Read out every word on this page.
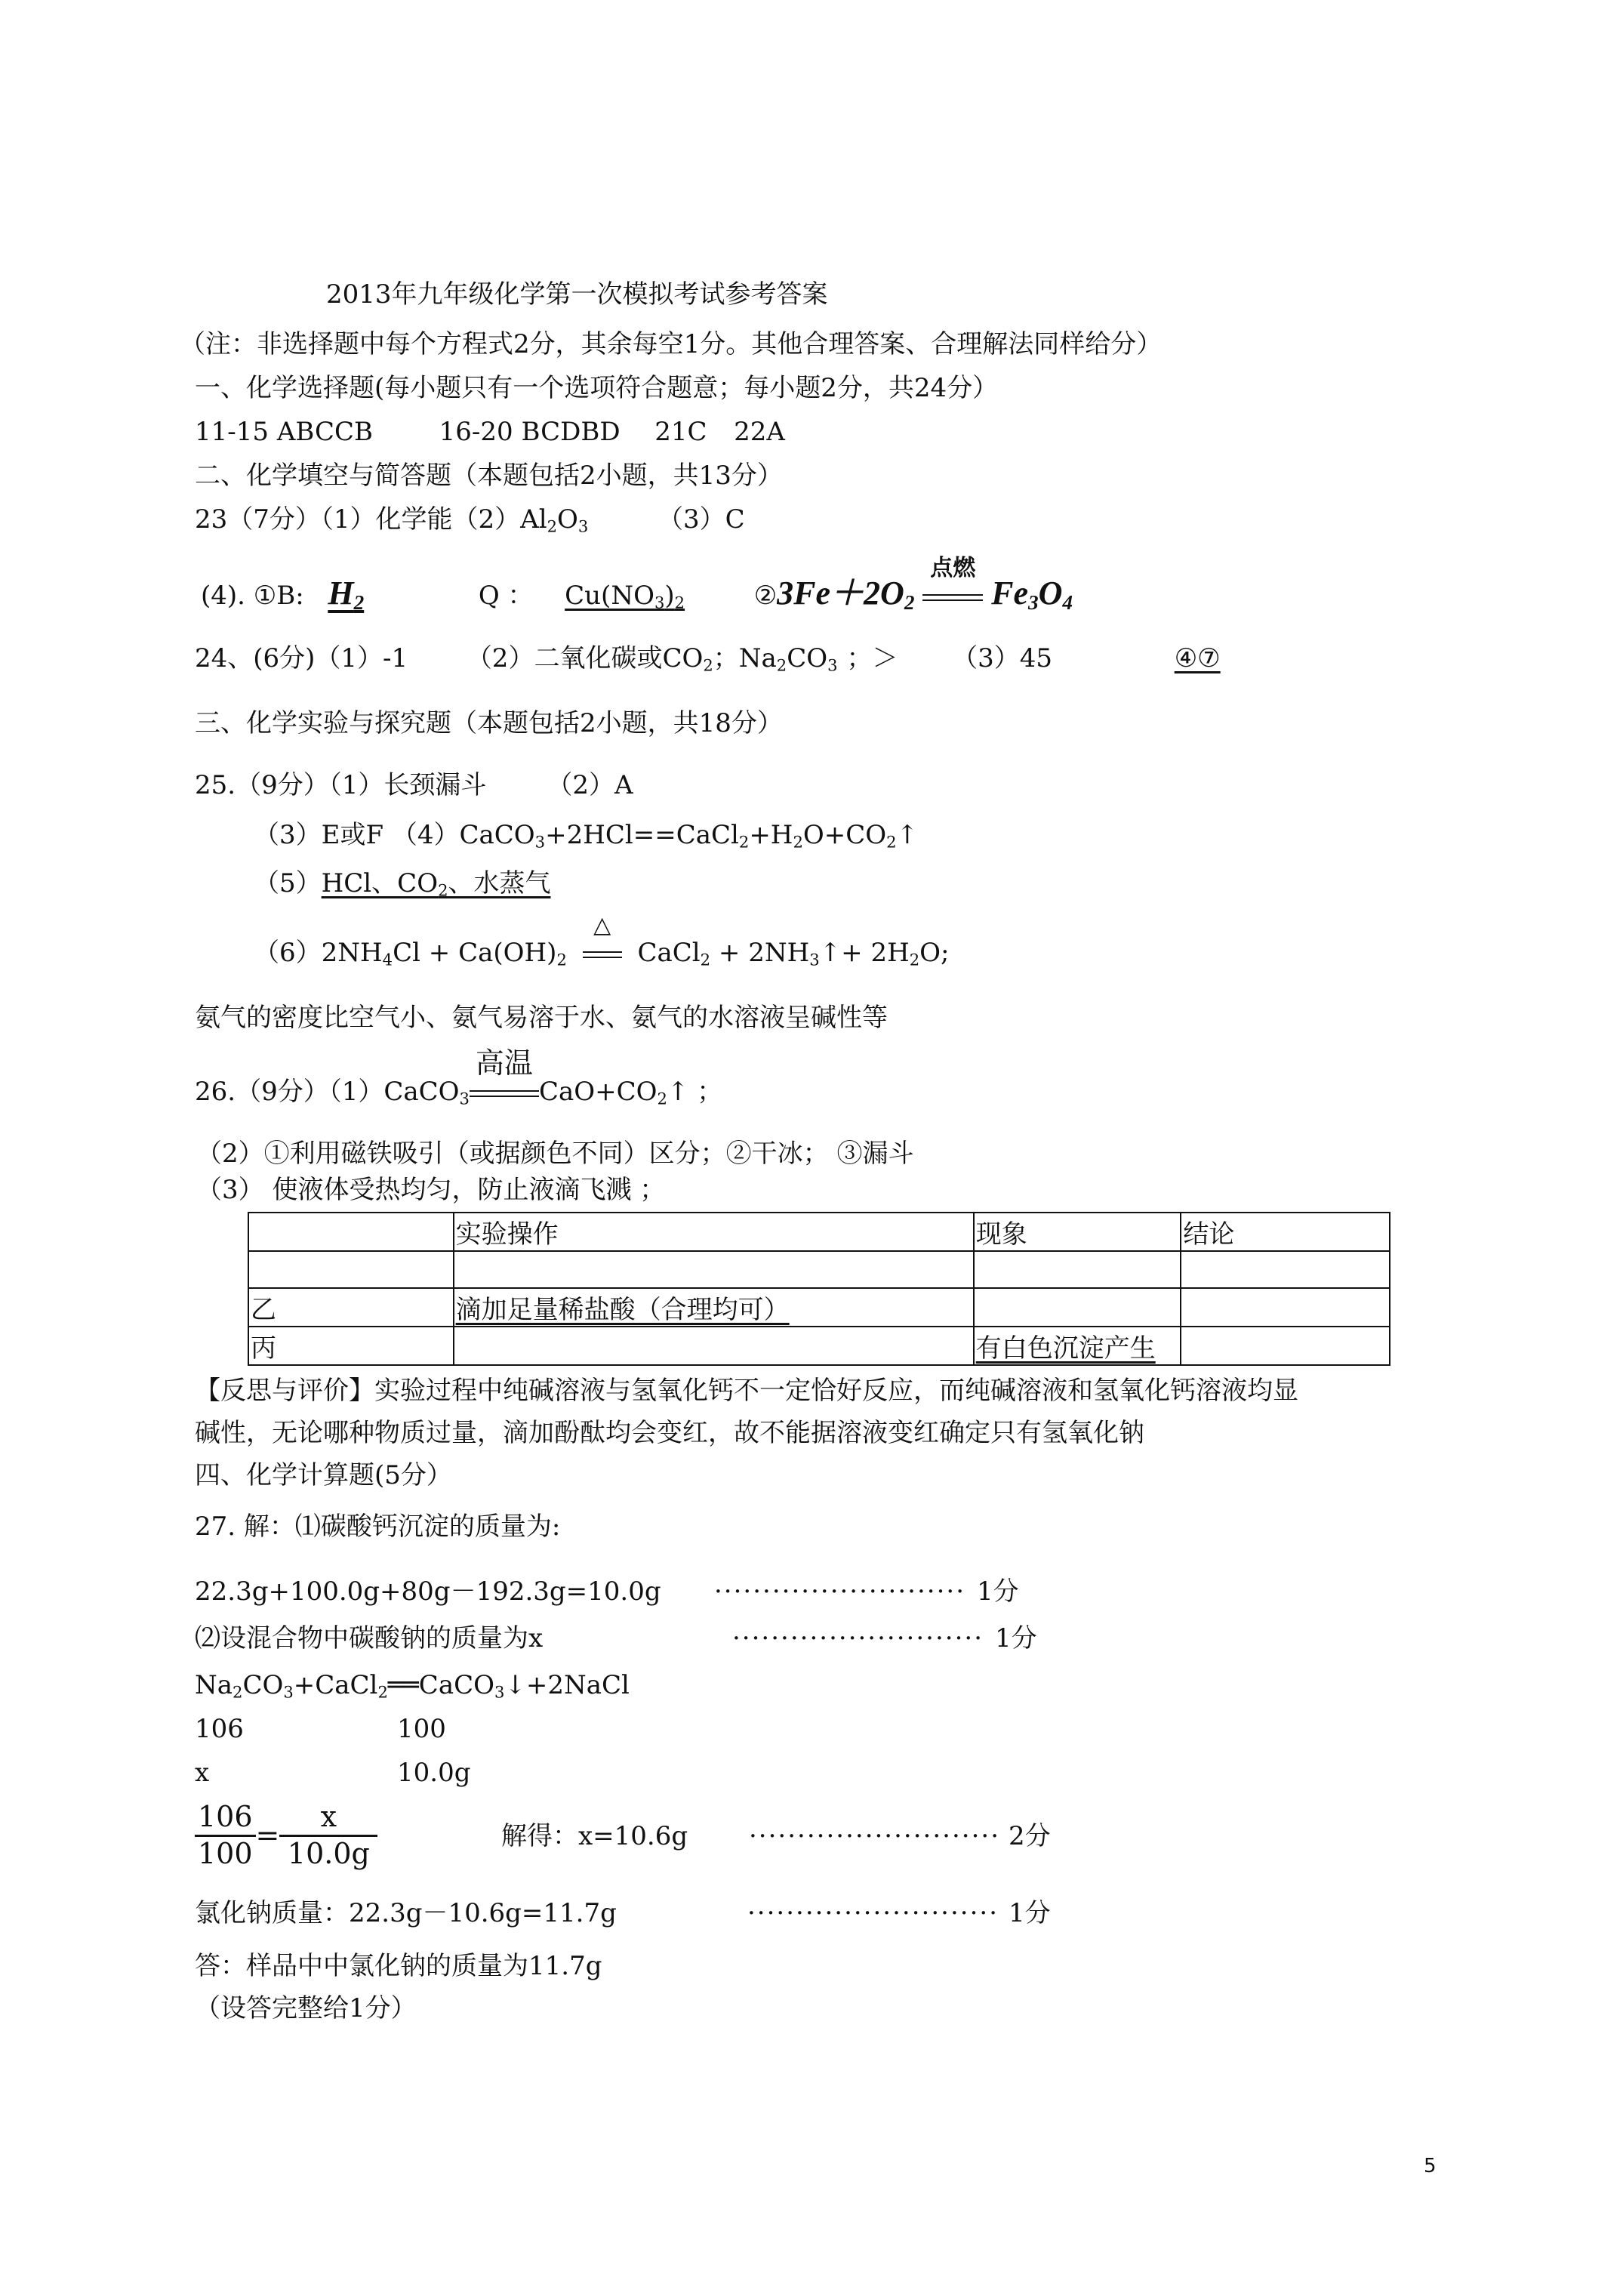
2013年九年级化学第一次模拟考试参考答案
（注：非选择题中每个方程式2分，其余每空1分。其他合理答案、合理解法同样给分）
一、化学选择题(每小题只有一个选项符合题意；每小题2分，共24分）
11-15 ABCCB	16-20 BCDBD 21C 22A
二、化学填空与简答题（本题包括2小题，共13分）
23（7分）（1）化学能$(2)Al_2O_3$	（3）C
(4). ①B: $H_2$	Q ： $Cu(NO_3)_2$	$②3Fe+2O_2$
点燃
$Fe_3O_4$
24、(6分)（1）-1 （2）二氧化碳或$CO_2$；$Na_2CO_3$ ；＞ （3）45	④⑦
三、化学实验与探究题（本题包括2小题，共18分）
25.（9分）（1）长颈漏斗 （2）A
（3）E或F $(4)CaCO_3+2HCl==CaCl_2+H_2O+CO_2↑$
（5）HCl、$CO_2$、水蒸气
$(6)2NH_4Cl + Ca(OH)_2$
△
CaCl$_2$ + $2NH_3↑+ 2H_2O$;
氨气的密度比空气小、氨气易溶于水、氨气的水溶液呈碱性等
26.（9分）（1）CaCO$_3$
高温
$CaO+CO_2↑$ ；
（2）①利用磁铁吸引（或据颜色不同）区分；②干冰； ③漏斗
（3） 使液体受热均匀，防止液滴飞溅 ；
	实验操作	现象	结论

乙	滴加足量稀盐酸（合理均可）		
丙		有白色沉淀产生	
【反思与评价】实验过程中纯碱溶液与氢氧化钙不一定恰好反应，而纯碱溶液和氢氧化钙溶液均显
碱性，无论哪种物质过量，滴加酚酞均会变红，故不能据溶液变红确定只有氢氧化钠
四、化学计算题(5分）
27. 解：⑴碳酸钙沉淀的质量为:
22.3g+100.0g+80g－192.3g=10.0g ·························· 1分
⑵设混合物中碳酸钠的质量为x	·························· 1分
$Na_2CO_3+CaCl_2══CaCO_3↓+2NaCl$
106	100
x	10.0g
$\frac{106}{100} = \frac{x}{10.0g}$	解得：x=10.6g ·························· 2分
氯化钠质量：22.3g－10.6g=11.7g	·························· 1分
答：样品中中氯化钠的质量为11.7g
（设答完整给1分）
5
